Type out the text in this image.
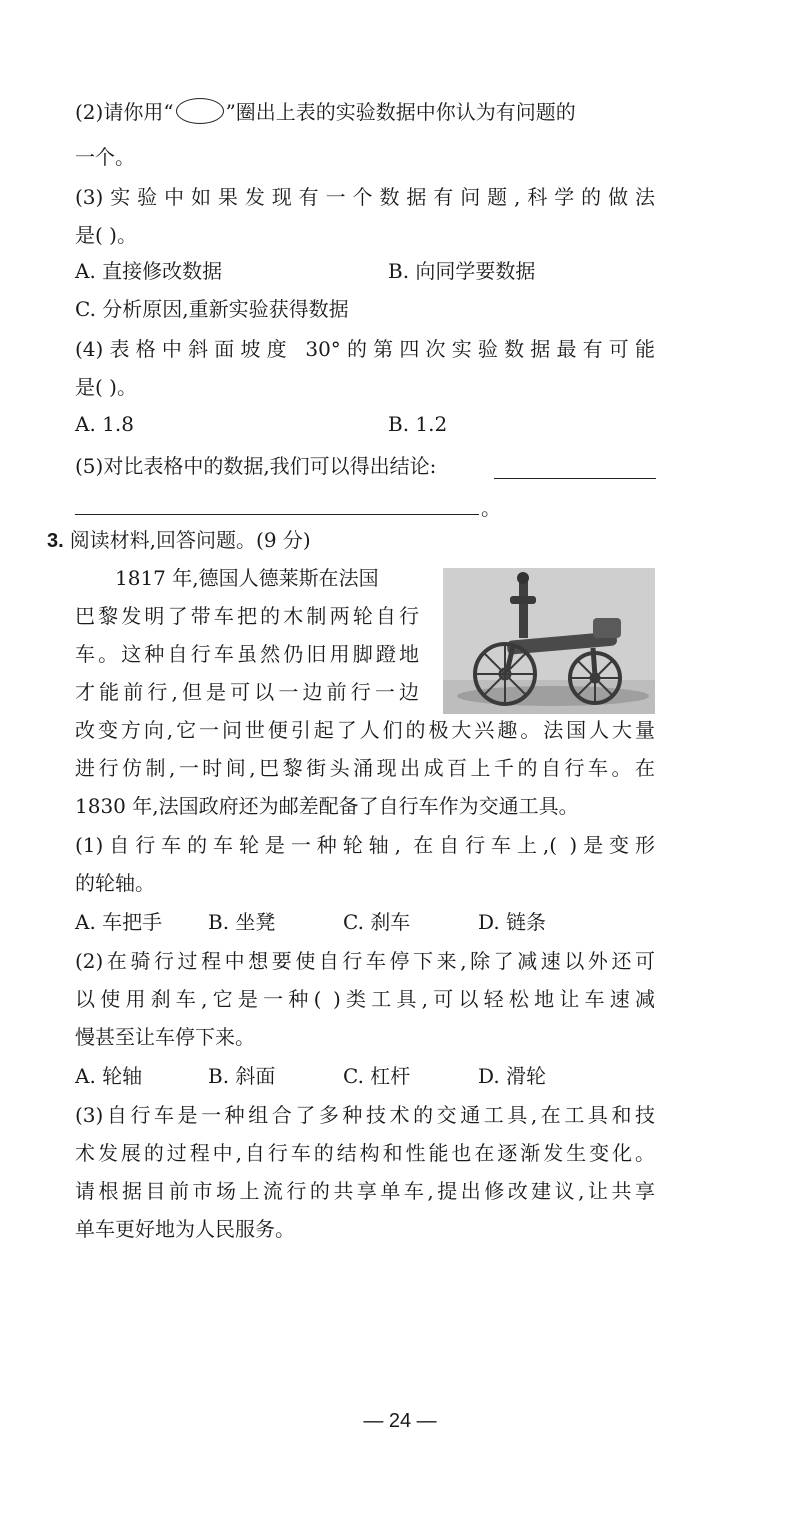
(2)请你用“ ○ ”圈出上表的实验数据中你认为有问题的
一个。
(3)实验中如果发现有一个数据有问题,科学的做法
是( )。
A. 直接修改数据	B. 向同学要数据
C. 分析原因,重新实验获得数据
(4)表格中斜面坡度 30°的第四次实验数据最有可能
是( )。
A. 1.8	B. 1.2
(5)对比表格中的数据,我们可以得出结论:
。
3. 阅读材料,回答问题。(9 分)
1817 年,德国人德莱斯在法国
巴黎发明了带车把的木制两轮自行
车。这种自行车虽然仍旧用脚蹬地
才能前行,但是可以一边前行一边
改变方向,它一问世便引起了人们的极大兴趣。法国人大量
进行仿制,一时间,巴黎街头涌现出成百上千的自行车。在
1830 年,法国政府还为邮差配备了自行车作为交通工具。
(1)自行车的车轮是一种轮轴, 在自行车上,( )是变形
的轮轴。
A. 车把手 B. 坐凳	C. 刹车	D. 链条
(2)在骑行过程中想要使自行车停下来,除了减速以外还可
以使用刹车,它是一种( )类工具,可以轻松地让车速减
慢甚至让车停下来。
A. 轮轴	B. 斜面	C. 杠杆	D. 滑轮
(3)自行车是一种组合了多种技术的交通工具,在工具和技
术发展的过程中,自行车的结构和性能也在逐渐发生变化。
请根据目前市场上流行的共享单车,提出修改建议,让共享
单车更好地为人民服务。
— 24 —
